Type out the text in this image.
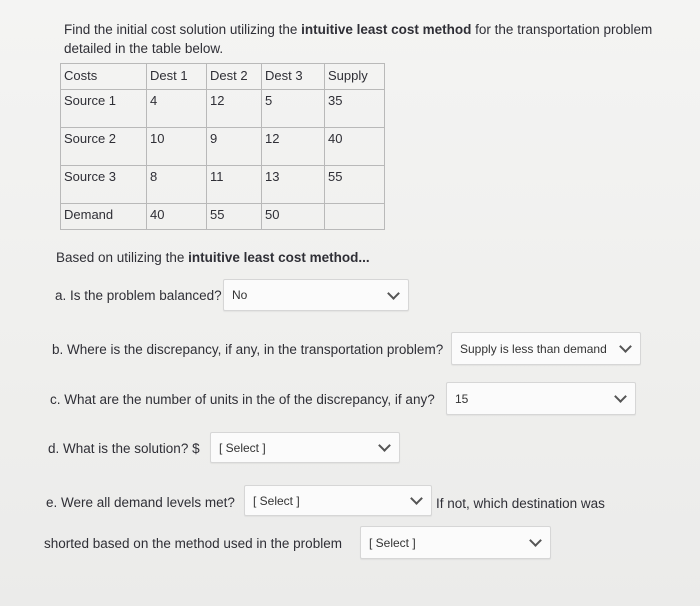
Find the initial cost solution utilizing the intuitive least cost method for the transportation problem detailed in the table below.
Costs	Dest 1	Dest 2	Dest 3	Supply
Source 1	4	12	5	35
Source 2	10	9	12	40
Source 3	8	11	13	55
Demand	40	55	50	
Based on utilizing the intuitive least cost method...
a. Is the problem balanced? No
b. Where is the discrepancy, if any, in the transportation problem? Supply is less than demand
c. What are the number of units in the of the discrepancy, if any? 15
d. What is the solution? $ [ Select ]
e. Were all demand levels met? [ Select ]	If not, which destination was
shorted based on the method used in the problem [ Select ]
